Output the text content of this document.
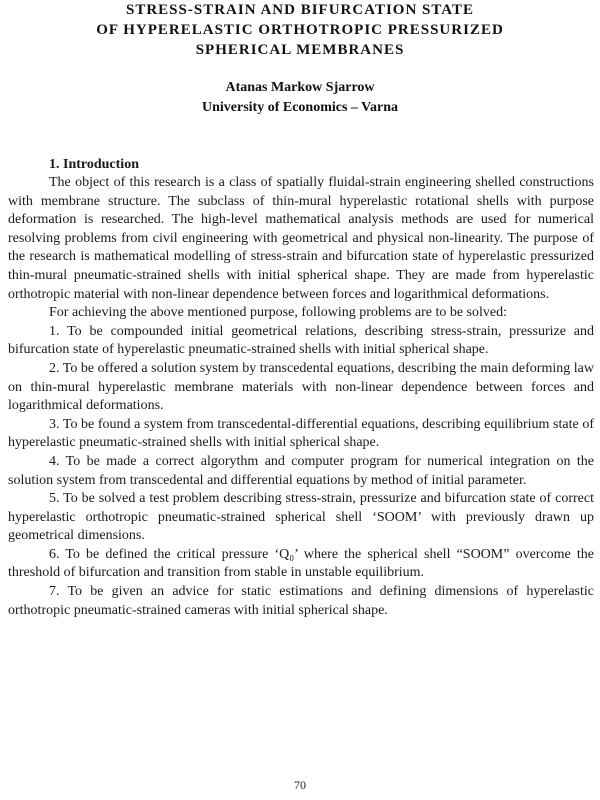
STRESS-STRAIN AND BIFURCATION STATE
OF HYPERELASTIC ORTHOTROPIC PRESSURIZED
SPHERICAL MEMBRANES
Atanas Markow Sjarrow
University of Economics – Varna
1. Introduction

The object of this research is a class of spatially fluidal-strain engineering shelled constructions with membrane structure. The subclass of thin-mural hyperelastic rotational shells with purpose deformation is researched. The high-level mathematical analysis methods are used for numerical resolving problems from civil engineering with geometrical and physical non-linearity. The purpose of the research is mathematical modelling of stress-strain and bifurcation state of hyperelastic pressurized thin-mural pneumatic-strained shells with initial spherical shape. They are made from hyperelastic orthotropic material with non-linear dependence between forces and logarithmical deformations.

For achieving the above mentioned purpose, following problems are to be solved:

1. To be compounded initial geometrical relations, describing stress-strain, pressurize and bifurcation state of hyperelastic pneumatic-strained shells with initial spherical shape.

2. To be offered a solution system by transcedental equations, describing the main deforming law on thin-mural hyperelastic membrane materials with non-linear dependence between forces and logarithmical deformations.

3. To be found a system from transcedental-differential equations, describing equilibrium state of hyperelastic pneumatic-strained shells with initial spherical shape.

4. To be made a correct algorythm and computer program for numerical integration on the solution system from transcedental and differential equations by method of initial parameter.

5. To be solved a test problem describing stress-strain, pressurize and bifurcation state of correct hyperelastic orthotropic pneumatic-strained spherical shell ‘SOOM’ with previously drawn up geometrical dimensions.

6. To be defined the critical pressure ‘Q₀’ where the spherical shell “SOOM” overcome the threshold of bifurcation and transition from stable in unstable equilibrium.

7. To be given an advice for static estimations and defining dimensions of hyperelastic orthotropic pneumatic-strained cameras with initial spherical shape.

70
